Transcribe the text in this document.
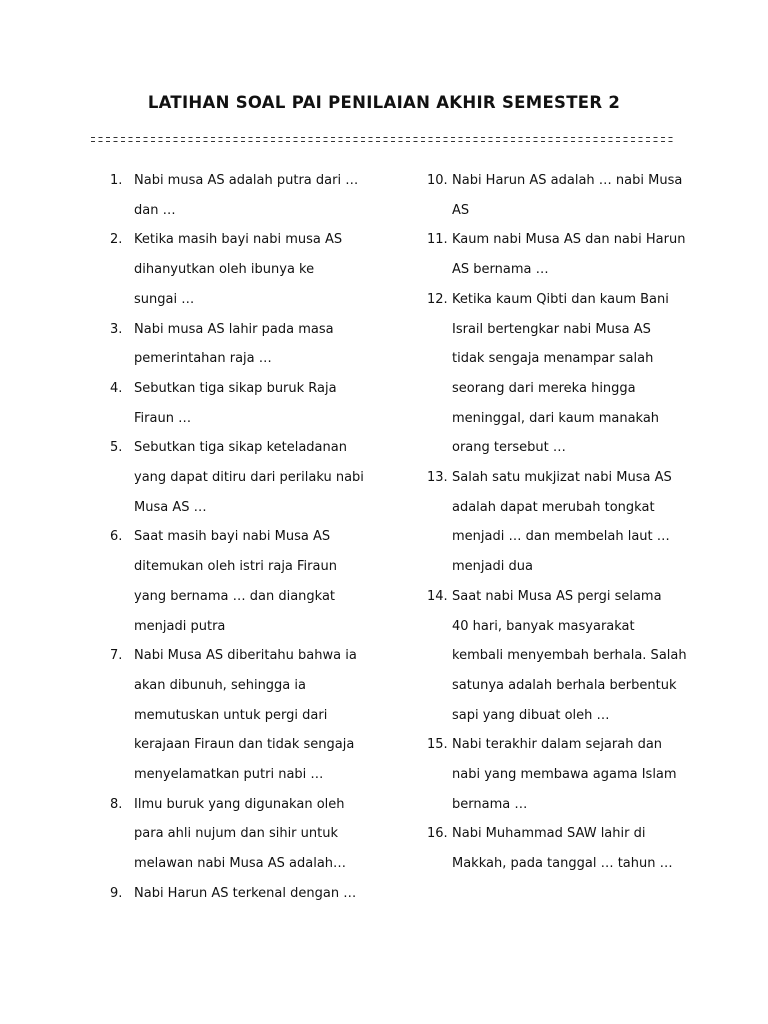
LATIHAN SOAL PAI PENILAIAN AKHIR SEMESTER 2
1. Nabi musa AS adalah putra dari …
dan …
2. Ketika masih bayi nabi musa AS
dihanyutkan oleh ibunya ke
sungai …
3. Nabi musa AS lahir pada masa
pemerintahan raja …
4. Sebutkan tiga sikap buruk Raja
Firaun …
5. Sebutkan tiga sikap keteladanan
yang dapat ditiru dari perilaku nabi
Musa AS …
6. Saat masih bayi nabi Musa AS
ditemukan oleh istri raja Firaun
yang bernama … dan diangkat
menjadi putra
7. Nabi Musa AS diberitahu bahwa ia
akan dibunuh, sehingga ia
memutuskan untuk pergi dari
kerajaan Firaun dan tidak sengaja
menyelamatkan putri nabi …
8. Ilmu buruk yang digunakan oleh
para ahli nujum dan sihir untuk
melawan nabi Musa AS adalah…
9. Nabi Harun AS terkenal dengan …
10. Nabi Harun AS adalah … nabi Musa
AS
11. Kaum nabi Musa AS dan nabi Harun
AS bernama …
12. Ketika kaum Qibti dan kaum Bani
Israil bertengkar nabi Musa AS
tidak sengaja menampar salah
seorang dari mereka hingga
meninggal, dari kaum manakah
orang tersebut …
13. Salah satu mukjizat nabi Musa AS
adalah dapat merubah tongkat
menjadi … dan membelah laut …
menjadi dua
14. Saat nabi Musa AS pergi selama
40 hari, banyak masyarakat
kembali menyembah berhala. Salah
satunya adalah berhala berbentuk
sapi yang dibuat oleh …
15. Nabi terakhir dalam sejarah dan
nabi yang membawa agama Islam
bernama …
16. Nabi Muhammad SAW lahir di
Makkah, pada tanggal … tahun …
